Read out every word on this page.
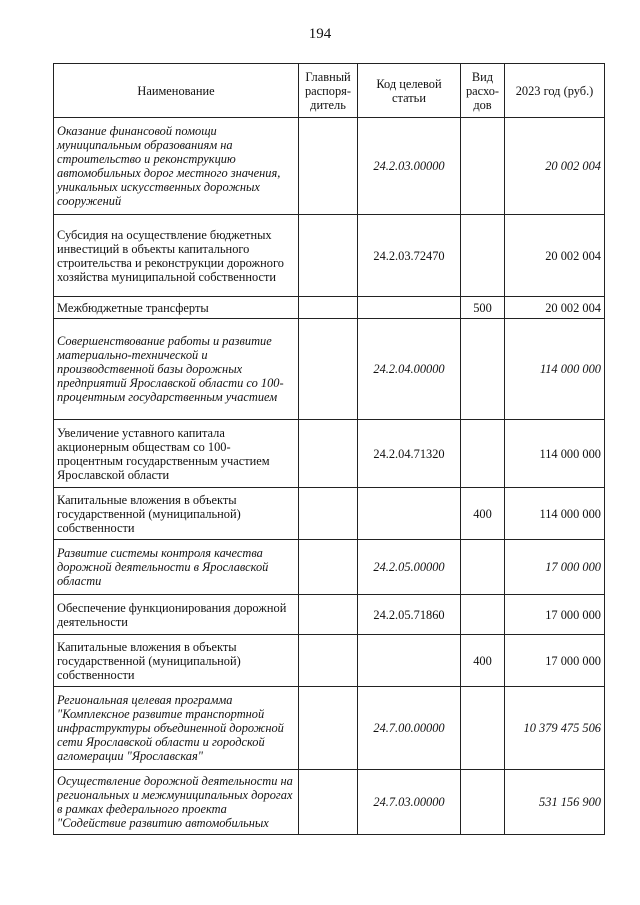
194
Наименование	Главный распоря-дитель	Код целевой статьи	Вид расхо-дов	2023 год (руб.)
Оказание финансовой помощи муниципальным образованиям на строительство и реконструкцию автомобильных дорог местного значения, уникальных искусственных дорожных сооружений		24.2.03.00000		20 002 004
Субсидия на осуществление бюджетных инвестиций в объекты капитального строительства и реконструкции дорожного хозяйства муниципальной собственности		24.2.03.72470		20 002 004
Межбюджетные трансферты			500	20 002 004
Совершенствование работы и развитие материально-технической и производственной базы дорожных предприятий Ярославской области со 100-процентным государственным участием		24.2.04.00000		114 000 000
Увеличение уставного капитала акционерным обществам со 100-процентным государственным участием Ярославской области		24.2.04.71320		114 000 000
Капитальные вложения в объекты государственной (муниципальной) собственности			400	114 000 000
Развитие системы контроля качества дорожной деятельности в Ярославской области		24.2.05.00000		17 000 000
Обеспечение функционирования дорожной деятельности		24.2.05.71860		17 000 000
Капитальные вложения в объекты государственной (муниципальной) собственности			400	17 000 000
Региональная целевая программа "Комплексное развитие транспортной инфраструктуры объединенной дорожной сети Ярославской области и городской агломерации "Ярославская"		24.7.00.00000		10 379 475 506
Осуществление дорожной деятельности на региональных и межмуниципальных дорогах в рамках федерального проекта "Содействие развитию автомобильных		24.7.03.00000		531 156 900
